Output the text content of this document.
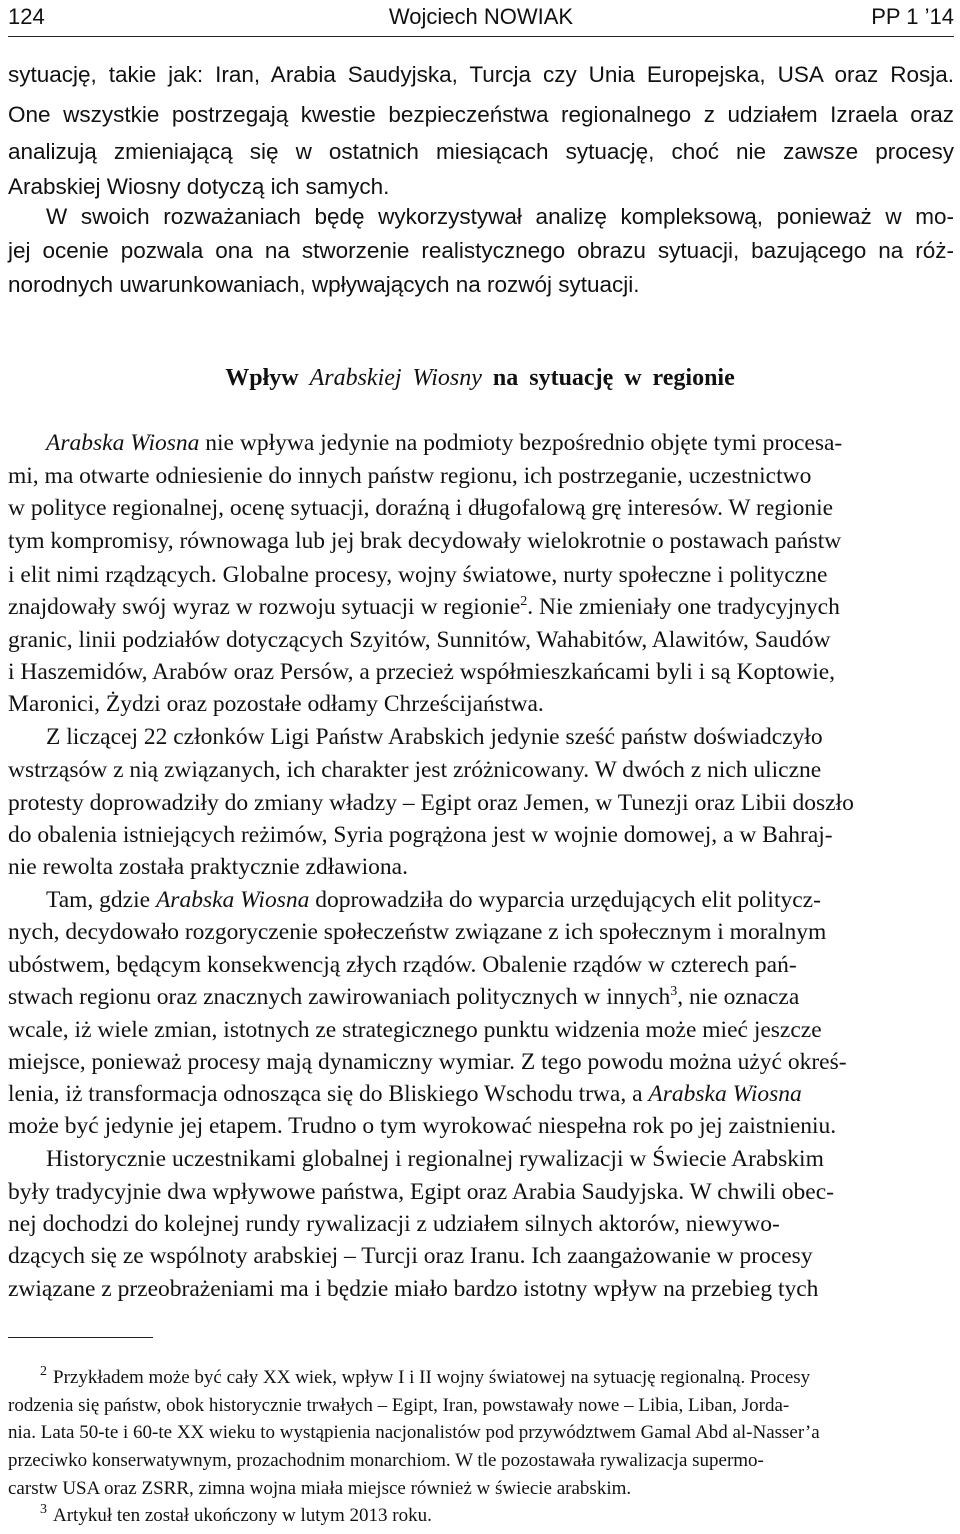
124	Wojciech NOWIAK	PP 1 ’14
sytuację, takie jak: Iran, Arabia Saudyjska, Turcja czy Unia Europejska, USA oraz Rosja.
One wszystkie postrzegają kwestie bezpieczeństwa regionalnego z udziałem Izraela oraz
analizują zmieniającą się w ostatnich miesiącach sytuację, choć nie zawsze procesy
Arabskiej Wiosny dotyczą ich samych.
W swoich rozważaniach będę wykorzystywał analizę kompleksową, ponieważ w mo-
jej ocenie pozwala ona na stworzenie realistycznego obrazu sytuacji, bazującego na róż-
norodnych uwarunkowaniach, wpływających na rozwój sytuacji.
Wpływ Arabskiej Wiosny na sytuację w regionie
Arabska Wiosna nie wpływa jedynie na podmioty bezpośrednio objęte tymi procesa-
mi, ma otwarte odniesienie do innych państw regionu, ich postrzeganie, uczestnictwo
w polityce regionalnej, ocenę sytuacji, doraźną i długofalową grę interesów. W regionie
tym kompromisy, równowaga lub jej brak decydowały wielokrotnie o postawach państw
i elit nimi rządzących. Globalne procesy, wojny światowe, nurty społeczne i polityczne
znajdowały swój wyraz w rozwoju sytuacji w regionie$^2$. Nie zmieniały one tradycyjnych
granic, linii podziałów dotyczących Szyitów, Sunnitów, Wahabitów, Alawitów, Saudów
i Haszemidów, Arabów oraz Persów, a przecież współmieszkańcami byli i są Koptowie,
Maronici, Żydzi oraz pozostałe odłamy Chrześcijaństwa.
Z liczącej 22 członków Ligi Państw Arabskich jedynie sześć państw doświadczyło
wstrząsów z nią związanych, ich charakter jest zróżnicowany. W dwóch z nich uliczne
protesty doprowadziły do zmiany władzy – Egipt oraz Jemen, w Tunezji oraz Libii doszło
do obalenia istniejących reżimów, Syria pogrążona jest w wojnie domowej, a w Bahraj-
nie rewolta została praktycznie zdławiona.
Tam, gdzie Arabska Wiosna doprowadziła do wyparcia urzędujących elit politycz-
nych, decydowało rozgoryczenie społeczeństw związane z ich społecznym i moralnym
ubóstwem, będącym konsekwencją złych rządów. Obalenie rządów w czterech pań-
stwach regionu oraz znacznych zawirowaniach politycznych w innych$^3$, nie oznacza
wcale, iż wiele zmian, istotnych ze strategicznego punktu widzenia może mieć jeszcze
miejsce, ponieważ procesy mają dynamiczny wymiar. Z tego powodu można użyć okreś-
lenia, iż transformacja odnosząca się do Bliskiego Wschodu trwa, a Arabska Wiosna
może być jedynie jej etapem. Trudno o tym wyrokować niespełna rok po jej zaistnieniu.
Historycznie uczestnikami globalnej i regionalnej rywalizacji w Świecie Arabskim
były tradycyjnie dwa wpływowe państwa, Egipt oraz Arabia Saudyjska. W chwili obec-
nej dochodzi do kolejnej rundy rywalizacji z udziałem silnych aktorów, niewywo-
dzących się ze wspólnoty arabskiej – Turcji oraz Iranu. Ich zaangażowanie w procesy
związane z przeobrażeniami ma i będzie miało bardzo istotny wpływ na przebieg tych
$^2$ Przykładem może być cały XX wiek, wpływ I i II wojny światowej na sytuację regionalną. Procesy
rodzenia się państw, obok historycznie trwałych – Egipt, Iran, powstawały nowe – Libia, Liban, Jorda-
nia. Lata 50-te i 60-te XX wieku to wystąpienia nacjonalistów pod przywództwem Gamal Abd al-Nasser’a
przeciwko konserwatywnym, prozachodnim monarchiom. W tle pozostawała rywalizacja supermo-
carstw USA oraz ZSRR, zimna wojna miała miejsce również w świecie arabskim.
$^3$ Artykuł ten został ukończony w lutym 2013 roku.
